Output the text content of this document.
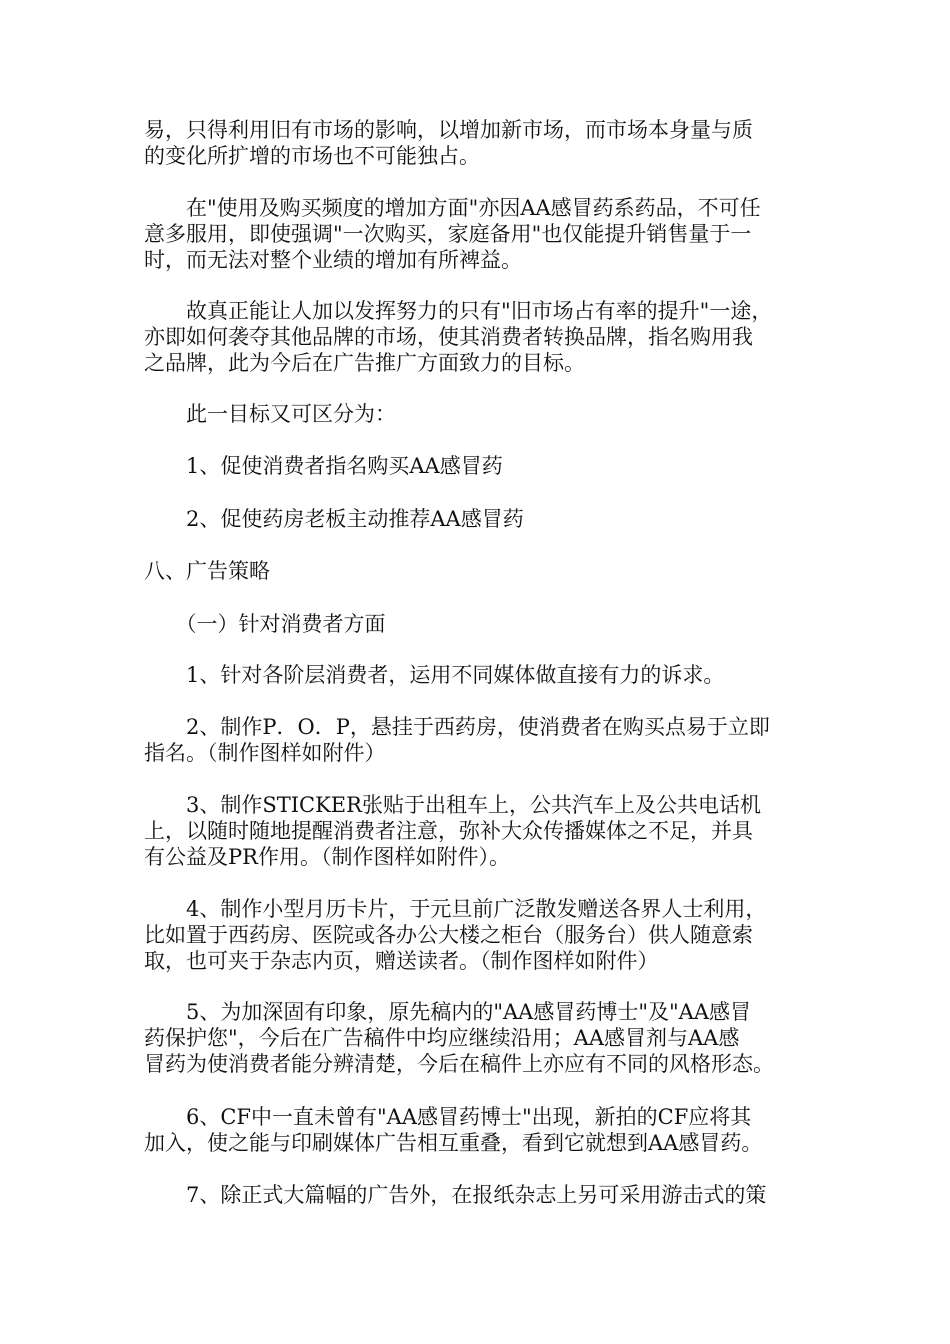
易，只得利用旧有市场的影响，以增加新市场，而市场本身量与质
的变化所扩增的市场也不可能独占。

　　在"使用及购买频度的增加方面"亦因AA感冒药系药品，不可任
意多服用，即使强调"一次购买，家庭备用"也仅能提升销售量于一
时，而无法对整个业绩的增加有所裨益。

　　故真正能让人加以发挥努力的只有"旧市场占有率的提升"一途，
亦即如何袭夺其他品牌的市场，使其消费者转换品牌，指名购用我
之品牌，此为今后在广告推广方面致力的目标。

　　此一目标又可区分为：

　　1、促使消费者指名购买AA感冒药

　　2、促使药房老板主动推荐AA感冒药

八、广告策略

　　（一）针对消费者方面

　　1、针对各阶层消费者，运用不同媒体做直接有力的诉求。

　　2、制作P．O．P，悬挂于西药房，使消费者在购买点易于立即
指名。（制作图样如附件）

　　3、制作STICKER张贴于出租车上，公共汽车上及公共电话机
上，以随时随地提醒消费者注意，弥补大众传播媒体之不足，并具
有公益及PR作用。（制作图样如附件）。

　　4、制作小型月历卡片，于元旦前广泛散发赠送各界人士利用，
比如置于西药房、医院或各办公大楼之柜台（服务台）供人随意索
取，也可夹于杂志内页，赠送读者。（制作图样如附件）

　　5、为加深固有印象，原先稿内的"AA感冒药博士"及"AA感冒
药保护您"，今后在广告稿件中均应继续沿用；AA感冒剂与AA感
冒药为使消费者能分辨清楚，今后在稿件上亦应有不同的风格形态。

　　6、CF中一直未曾有"AA感冒药博士"出现，新拍的CF应将其
加入，使之能与印刷媒体广告相互重叠，看到它就想到AA感冒药。

　　7、除正式大篇幅的广告外，在报纸杂志上另可采用游击式的策
